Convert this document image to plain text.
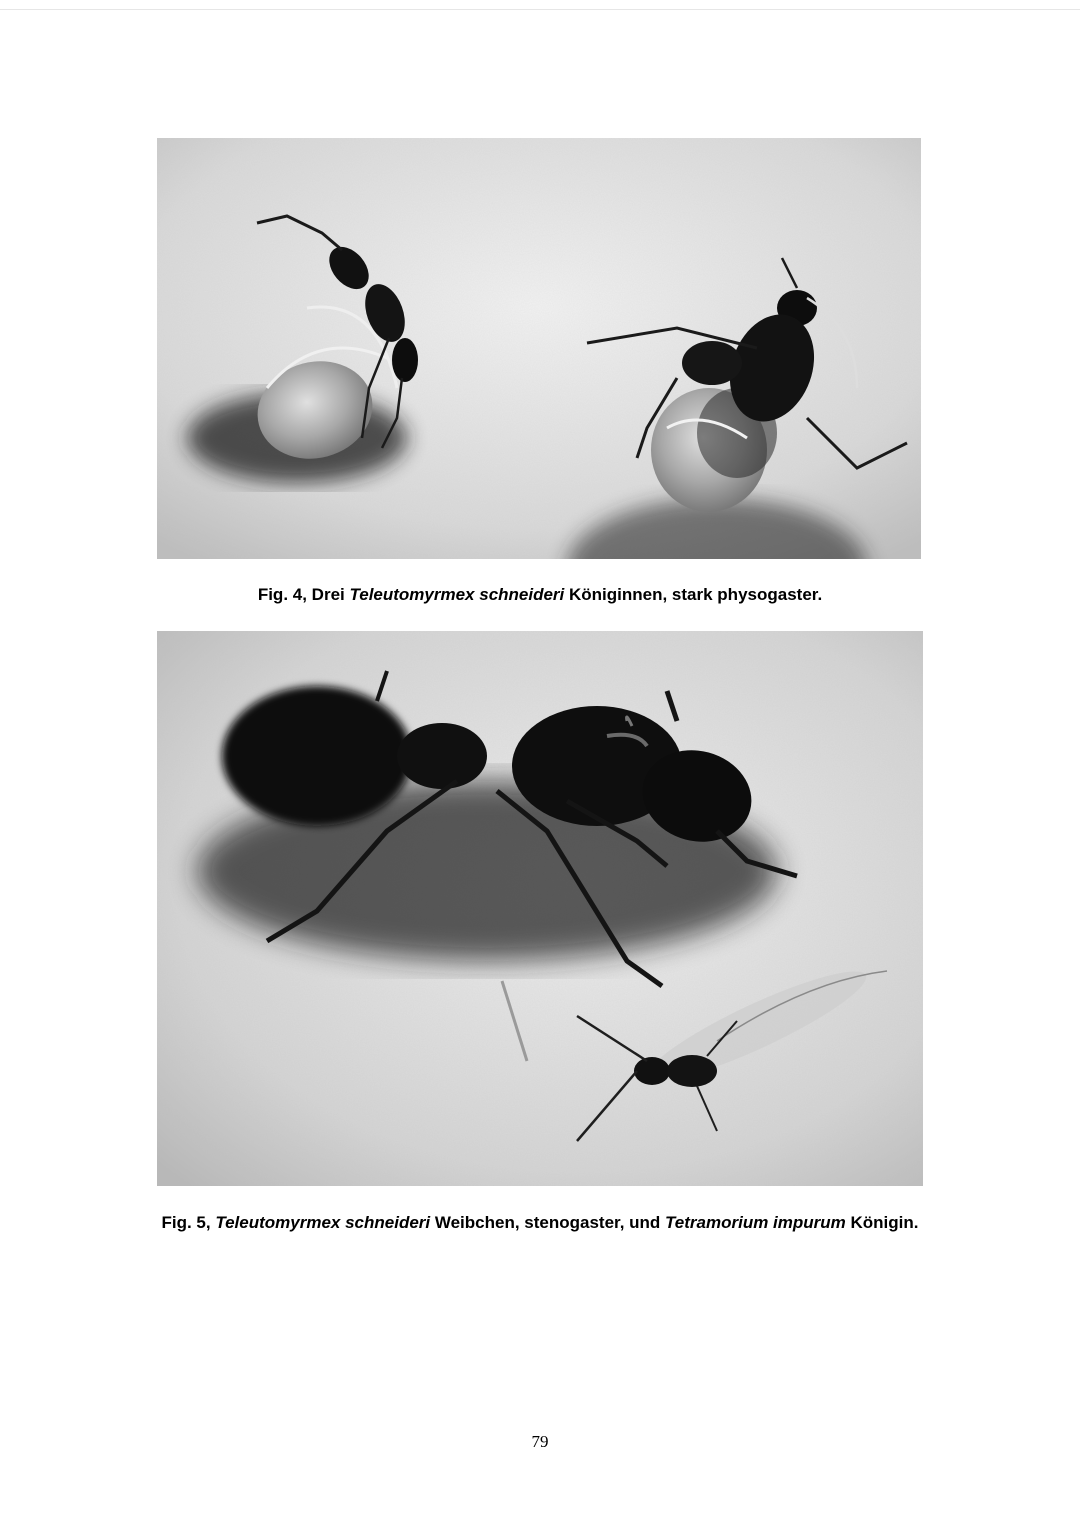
Fig. 4, Drei Teleutomyrmex schneideri Königinnen, stark physogaster.
Fig. 5, Teleutomyrmex schneideri Weibchen, stenogaster, und Tetramorium impurum Königin.
79
